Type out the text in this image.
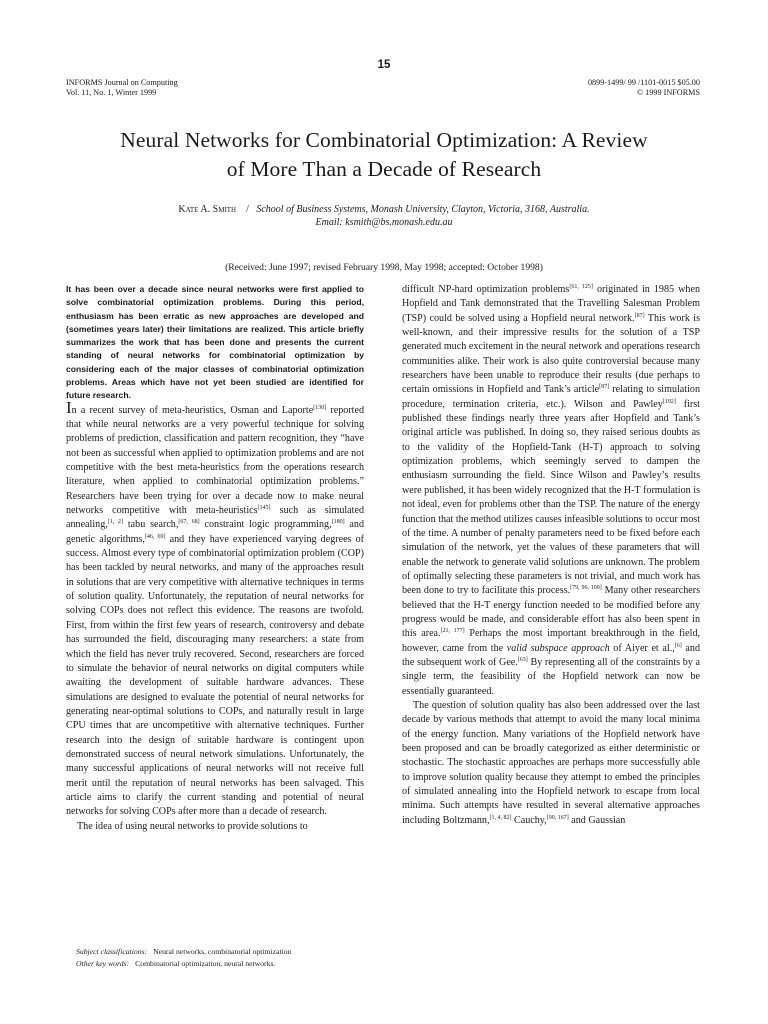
15
INFORMS Journal on Computing
Vol. 11, No. 1, Winter 1999
0899-1499/ 99 /1101-0015 $05.00
© 1999 INFORMS
Neural Networks for Combinatorial Optimization: A Review
of More Than a Decade of Research
Kate A. Smith / School of Business Systems, Monash University, Clayton, Victoria, 3168, Australia.
Email: ksmith@bs.monash.edu.au
(Received: June 1997; revised February 1998, May 1998; accepted: October 1998)

It has been over a decade since neural networks were first applied to solve combinatorial optimization problems. During this period, enthusiasm has been erratic as new approaches are developed and (sometimes years later) their limitations are realized. This article briefly summarizes the work that has been done and presents the current standing of neural networks for combinatorial optimization by considering each of the major classes of combinatorial optimization problems. Areas which have not yet been studied are identified for future research.

In a recent survey of meta-heuristics, Osman and Laporte[130] reported that while neural networks are a very powerful technique for solving problems of prediction, classification and pattern recognition, they “have not been as successful when applied to optimization problems and are not competitive with the best meta-heuristics from the operations research literature, when applied to combinatorial optimization problems.” Researchers have been trying for over a decade now to make neural networks competitive with meta-heuristics[145] such as simulated annealing,[1, 2] tabu search,[67, 68] constraint logic programming,[180] and genetic algorithms,[46, 69] and they have experienced varying degrees of success. Almost every type of combinatorial optimization problem (COP) has been tackled by neural networks, and many of the approaches result in solutions that are very competitive with alternative techniques in terms of solution quality. Unfortunately, the reputation of neural networks for solving COPs does not reflect this evidence. The reasons are twofold. First, from within the first few years of research, controversy and debate has surrounded the field, discouraging many researchers: a state from which the field has never truly recovered. Second, researchers are forced to simulate the behavior of neural networks on digital computers while awaiting the development of suitable hardware advances. These simulations are designed to evaluate the potential of neural networks for generating near-optimal solutions to COPs, and naturally result in large CPU times that are uncompetitive with alternative techniques. Further research into the design of suitable hardware is contingent upon demonstrated success of neural network simulations. Unfortunately, the many successful applications of neural networks will not receive full merit until the reputation of neural networks has been salvaged. This article aims to clarify the current standing and potential of neural networks for solving COPs after more than a decade of research.

The idea of using neural networks to provide solutions to

difficult NP-hard optimization problems[61, 125] originated in 1985 when Hopfield and Tank demonstrated that the Travelling Salesman Problem (TSP) could be solved using a Hopfield neural network.[87] This work is well-known, and their impressive results for the solution of a TSP generated much excitement in the neural network and operations research communities alike. Their work is also quite controversial because many researchers have been unable to reproduce their results (due perhaps to certain omissions in Hopfield and Tank’s article[87] relating to simulation procedure, termination criteria, etc.). Wilson and Pawley[192] first published these findings nearly three years after Hopfield and Tank’s original article was published. In doing so, they raised serious doubts as to the validity of the Hopfield-Tank (H-T) approach to solving optimization problems, which seemingly served to dampen the enthusiasm surrounding the field. Since Wilson and Pawley’s results were published, it has been widely recognized that the H-T formulation is not ideal, even for problems other than the TSP. The nature of the energy function that the method utilizes causes infeasible solutions to occur most of the time. A number of penalty parameters need to be fixed before each simulation of the network, yet the values of these parameters that will enable the network to generate valid solutions are unknown. The problem of optimally selecting these parameters is not trivial, and much work has been done to try to facilitate this process.[79, 96, 109] Many other researchers believed that the H-T energy function needed to be modified before any progress would be made, and considerable effort has also been spent in this area.[21, 177] Perhaps the most important breakthrough in the field, however, came from the valid subspace approach of Aiyer et al.,[6] and the subsequent work of Gee.[63] By representing all of the constraints by a single term, the feasibility of the Hopfield network can now be essentially guaranteed.

The question of solution quality has also been addressed over the last decade by various methods that attempt to avoid the many local minima of the energy function. Many variations of the Hopfield network have been proposed and can be broadly categorized as either deterministic or stochastic. The stochastic approaches are perhaps more successfully able to improve solution quality because they attempt to embed the principles of simulated annealing into the Hopfield network to escape from local minima. Such attempts have resulted in several alternative approaches including Boltzmann,[1, 4, 82] Cauchy,[90, 167] and Gaussian

Subject classifications: Neural networks, combinatorial optimization
Other key words: Combinatorial optimization, neural networks.
